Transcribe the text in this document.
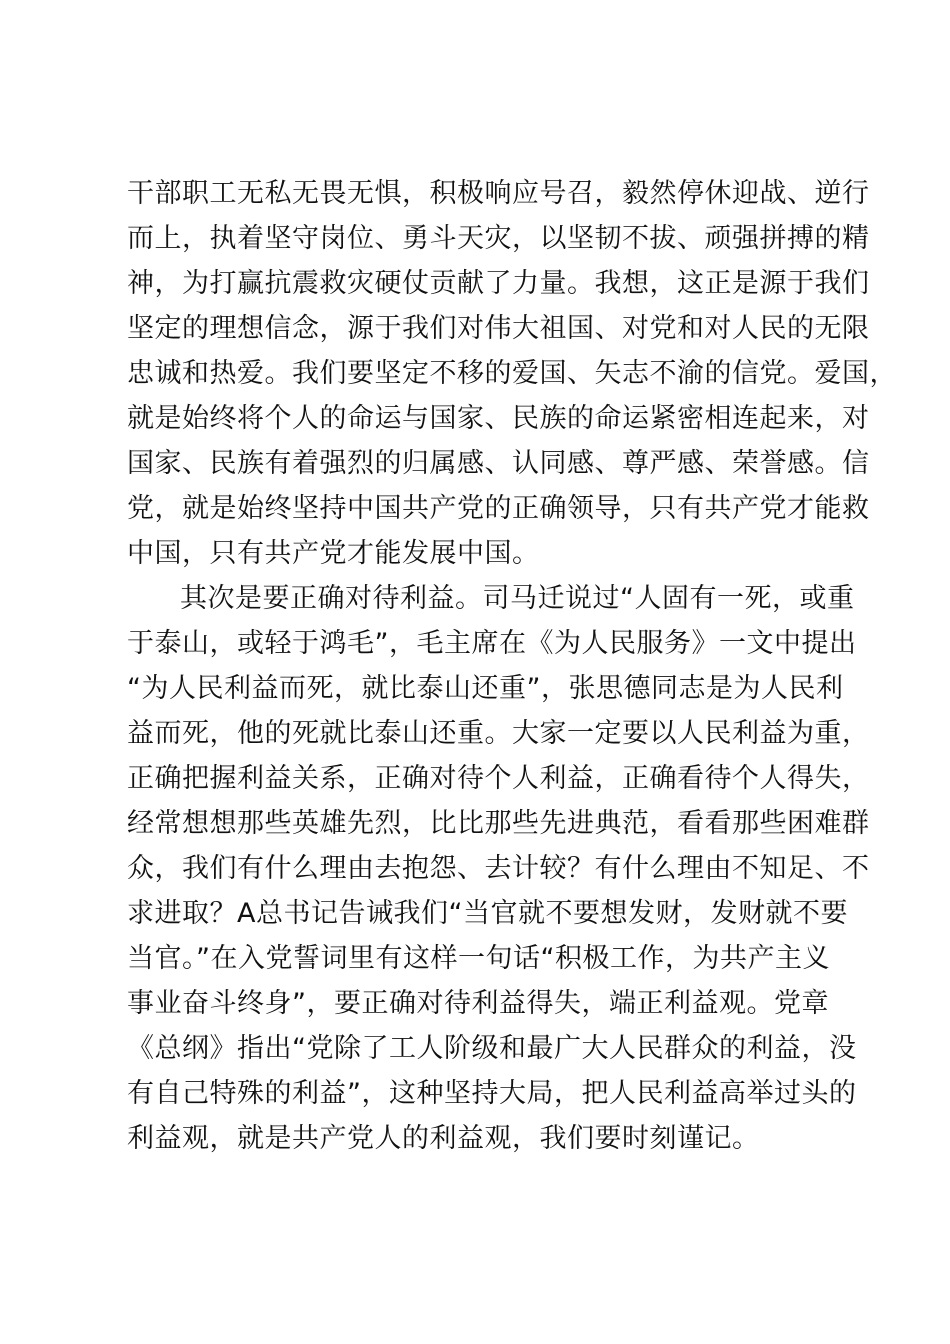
干部职工无私无畏无惧，积极响应号召，毅然停休迎战、逆行
而上，执着坚守岗位、勇斗天灾，以坚韧不拔、顽强拼搏的精
神，为打赢抗震救灾硬仗贡献了力量。我想，这正是源于我们
坚定的理想信念，源于我们对伟大祖国、对党和对人民的无限
忠诚和热爱。我们要坚定不移的爱国、矢志不渝的信党。爱国，
就是始终将个人的命运与国家、民族的命运紧密相连起来，对
国家、民族有着强烈的归属感、认同感、尊严感、荣誉感。信
党，就是始终坚持中国共产党的正确领导，只有共产党才能救
中国，只有共产党才能发展中国。
其次是要正确对待利益。司马迁说过“人固有一死，或重
于泰山，或轻于鸿毛”，毛主席在《为人民服务》一文中提出
“为人民利益而死，就比泰山还重”，张思德同志是为人民利
益而死，他的死就比泰山还重。大家一定要以人民利益为重，
正确把握利益关系，正确对待个人利益，正确看待个人得失，
经常想想那些英雄先烈，比比那些先进典范，看看那些困难群
众，我们有什么理由去抱怨、去计较？有什么理由不知足、不
求进取？A总书记告诫我们“当官就不要想发财，发财就不要
当官。”在入党誓词里有这样一句话“积极工作，为共产主义
事业奋斗终身”，要正确对待利益得失，端正利益观。党章
《总纲》指出“党除了工人阶级和最广大人民群众的利益，没
有自己特殊的利益”，这种坚持大局，把人民利益高举过头的
利益观，就是共产党人的利益观，我们要时刻谨记。
